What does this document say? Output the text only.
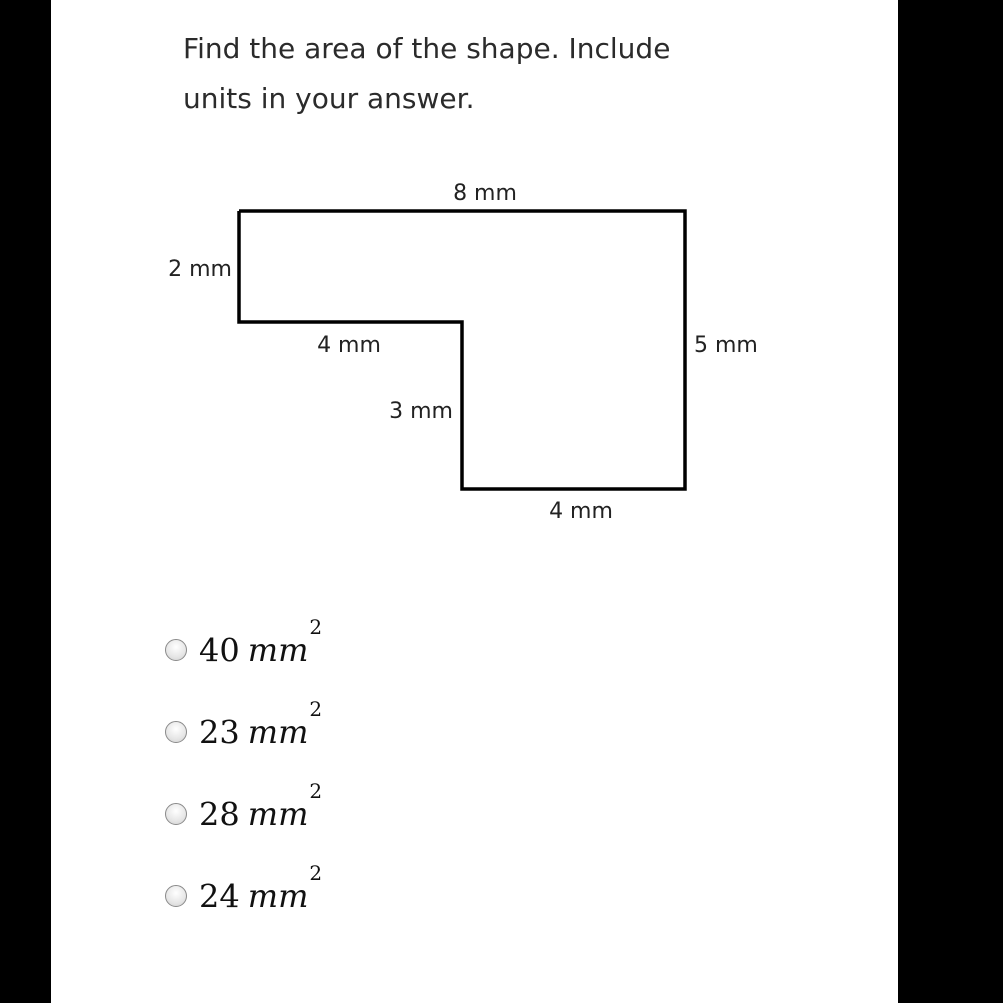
Find the area of the shape. Include
units in your answer.

8 mm
2 mm
4 mm	5 mm
3 mm
4 mm
40 $mm^2$
23 $mm^2$
28 $mm^2$
24 $mm^2$
